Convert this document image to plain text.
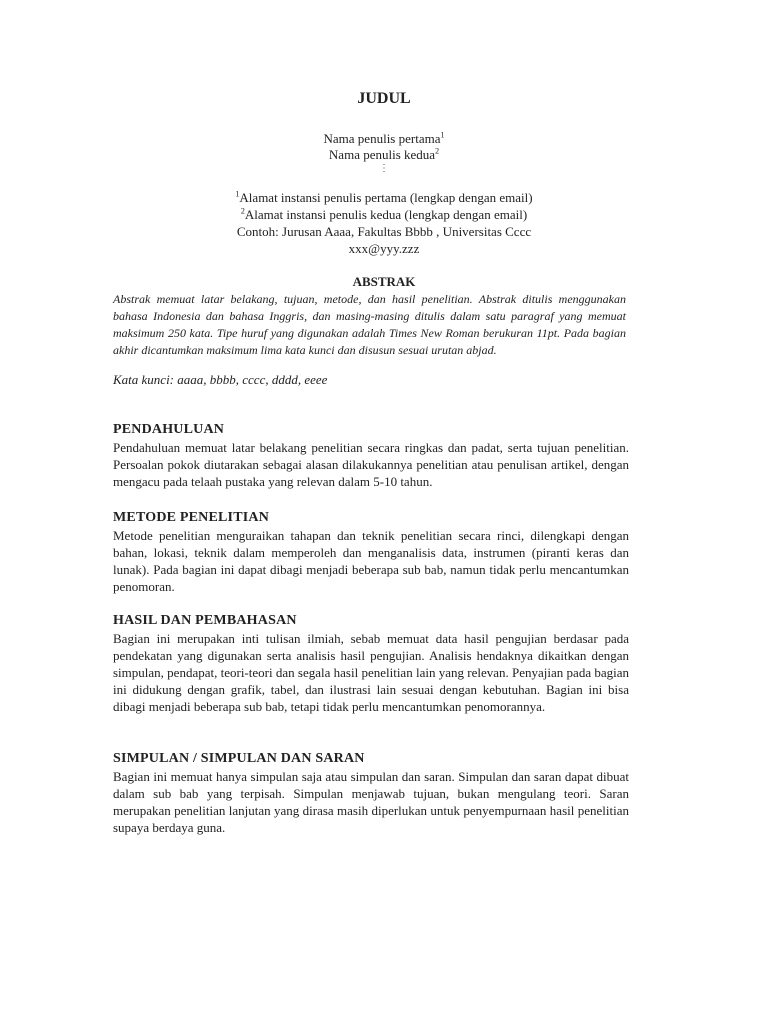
JUDUL
Nama penulis pertama$^1$
Nama penulis kedua$^2$
⋮
$^1$Alamat instansi penulis pertama (lengkap dengan email)
$^2$Alamat instansi penulis kedua (lengkap dengan email)
Contoh: Jurusan Aaaa, Fakultas Bbbb , Universitas Cccc
xxx@yyy.zzz
ABSTRAK

Abstrak memuat latar belakang, tujuan, metode, dan hasil penelitian. Abstrak ditulis menggunakan bahasa Indonesia dan bahasa Inggris, dan masing-masing ditulis dalam satu paragraf yang memuat maksimum 250 kata. Tipe huruf yang digunakan adalah Times New Roman berukuran 11pt. Pada bagian akhir dicantumkan maksimum lima kata kunci dan disusun sesuai urutan abjad.

Kata kunci: aaaa, bbbb, cccc, dddd, eeee

PENDAHULUAN

Pendahuluan memuat latar belakang penelitian secara ringkas dan padat, serta tujuan penelitian. Persoalan pokok diutarakan sebagai alasan dilakukannya penelitian atau penulisan artikel, dengan mengacu pada telaah pustaka yang relevan dalam 5-10 tahun.

METODE PENELITIAN

Metode penelitian menguraikan tahapan dan teknik penelitian secara rinci, dilengkapi dengan bahan, lokasi, teknik dalam memperoleh dan menganalisis data, instrumen (piranti keras dan lunak). Pada bagian ini dapat dibagi menjadi beberapa sub bab, namun tidak perlu mencantumkan penomoran.

HASIL DAN PEMBAHASAN

Bagian ini merupakan inti tulisan ilmiah, sebab memuat data hasil pengujian berdasar pada pendekatan yang digunakan serta analisis hasil pengujian. Analisis hendaknya dikaitkan dengan simpulan, pendapat, teori-teori dan segala hasil penelitian lain yang relevan. Penyajian pada bagian ini didukung dengan grafik, tabel, dan ilustrasi lain sesuai dengan kebutuhan. Bagian ini bisa dibagi menjadi beberapa sub bab, tetapi tidak perlu mencantumkan penomorannya.

SIMPULAN / SIMPULAN DAN SARAN

Bagian ini memuat hanya simpulan saja atau simpulan dan saran. Simpulan dan saran dapat dibuat dalam sub bab yang terpisah. Simpulan menjawab tujuan, bukan mengulang teori. Saran merupakan penelitian lanjutan yang dirasa masih diperlukan untuk penyempurnaan hasil penelitian supaya berdaya guna.
